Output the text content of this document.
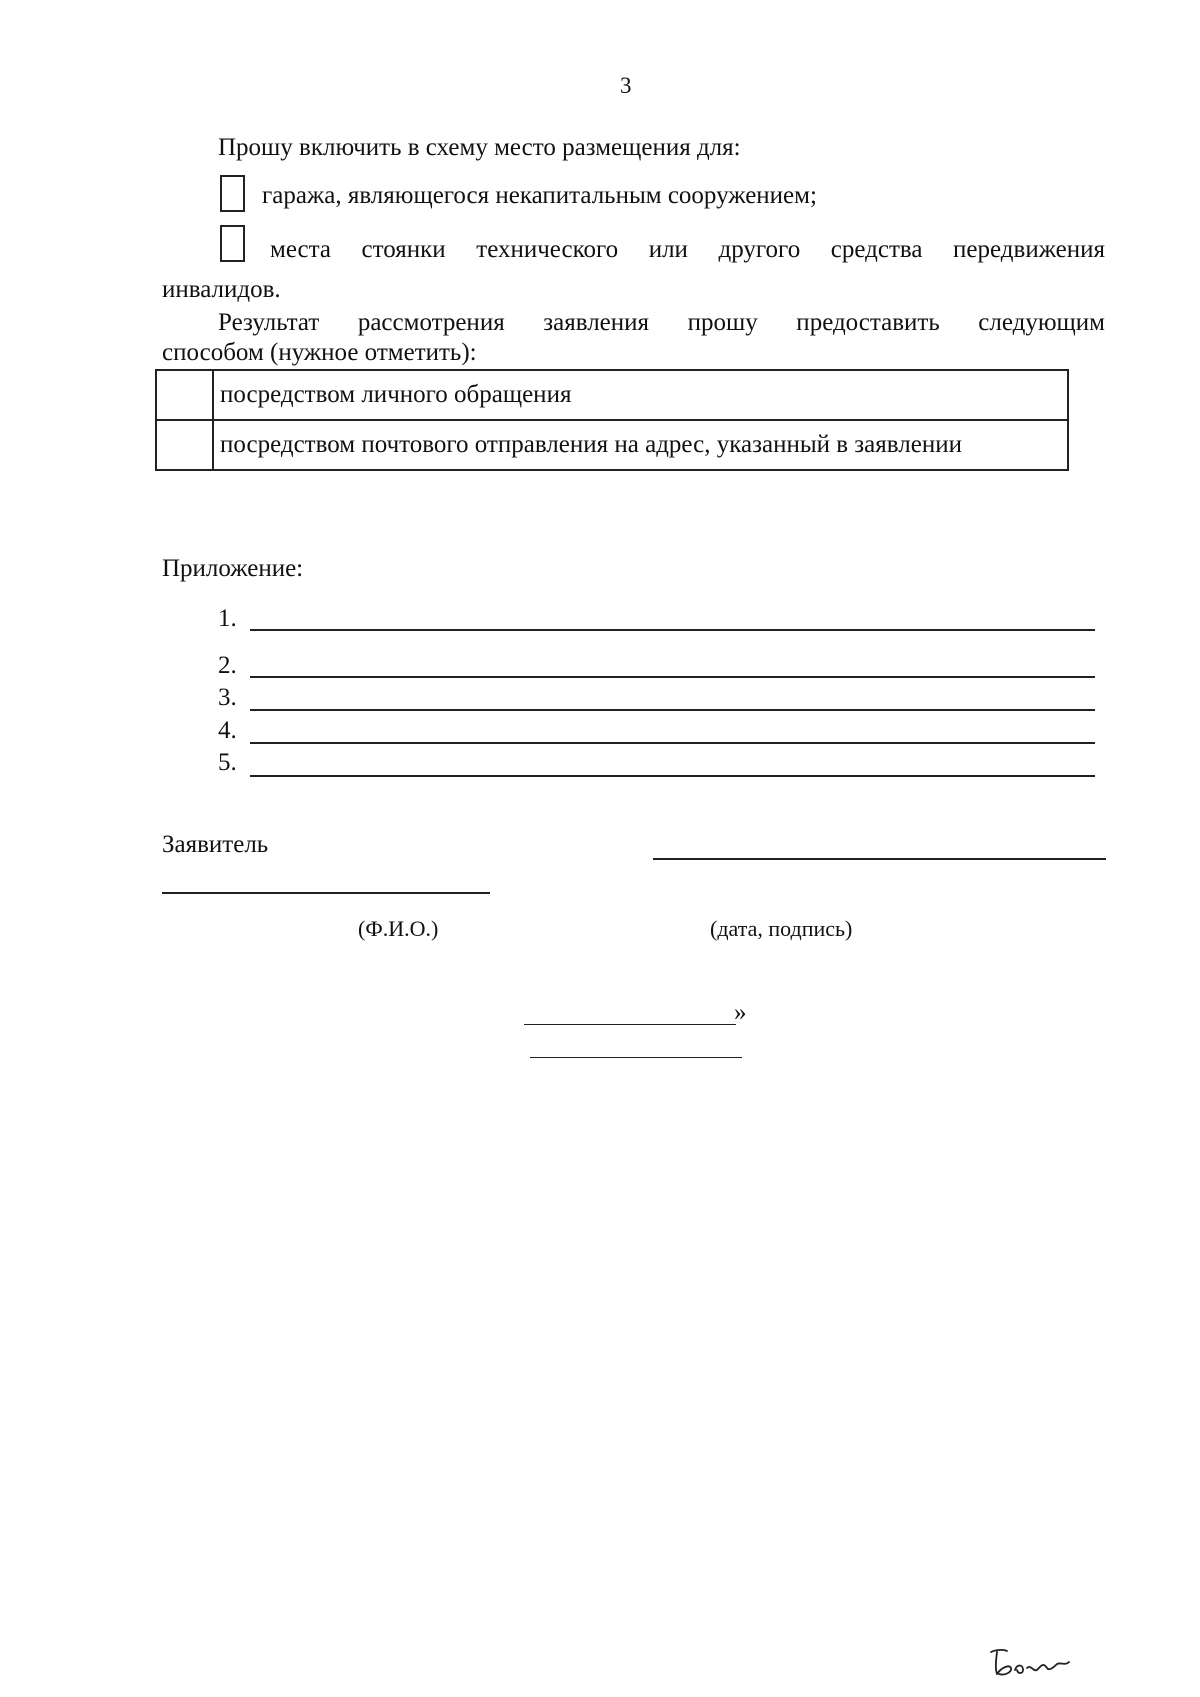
3
Прошу включить в схему место размещения для:
гаража, являющегося некапитальным сооружением;
места стоянки технического или другого средства передвижения
инвалидов.
Результат рассмотрения заявления прошу предоставить следующим
способом (нужное отметить):
	посредством личного обращения
	посредством почтового отправления на адрес, указанный в заявлении
Приложение:
1.
2.
3.
4.
5.
Заявитель
(Ф.И.О.)	(дата, подпись)
»
